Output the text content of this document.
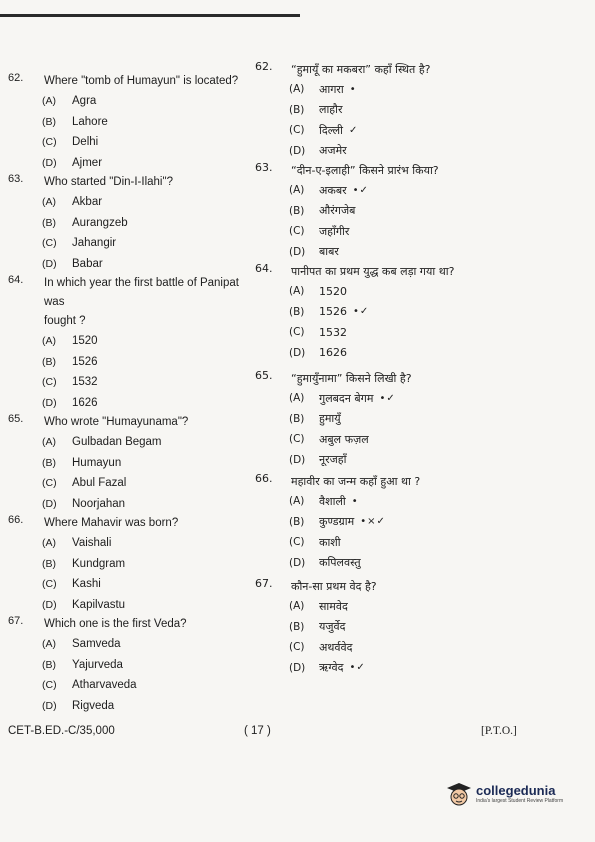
62.	Where "tomb of Humayun" is located?
(A)	Agra
(B)	Lahore
(C)	Delhi
(D)	Ajmer
63.	Who started "Din-I-Ilahi"?
(A)	Akbar
(B)	Aurangzeb
(C)	Jahangir
(D)	Babar
64.	In which year the first battle of Panipat was
fought ?
(A)	1520
(B)	1526
(C)	1532
(D)	1626
65.	Who wrote "Humayunama"?
(A)	Gulbadan Begam
(B)	Humayun
(C)	Abul Fazal
(D)	Noorjahan
66.	Where Mahavir was born?
(A)	Vaishali
(B)	Kundgram
(C)	Kashi
(D)	Kapilvastu
67.	Which one is the first Veda?
(A)	Samveda
(B)	Yajurveda
(C)	Atharvaveda
(D)	Rigveda
62.	“हुमायूँ का मकबरा” कहाँ स्थित है?
(A)	आगरा •
(B)	लाहौर
(C)	दिल्ली ✓
(D)	अजमेर
63.	“दीन-ए-इलाही” किसने प्रारंभ किया?
(A)	अकबर •✓
(B)	औरंगजेब
(C)	जहाँगीर
(D)	बाबर
64.	पानीपत का प्रथम युद्ध कब लड़ा गया था?
(A)	1520
(B)	1526 •✓
(C)	1532
(D)	1626
65.	“हुमायुँनामा” किसने लिखी है?
(A)	गुलबदन बेगम •✓
(B)	हुमायुँ
(C)	अबुल फज़ल
(D)	नूरजहाँ
66.	महावीर का जन्म कहाँ हुआ था ?
(A)	वैशाली •
(B)	कुण्डग्राम •×✓
(C)	काशी
(D)	कपिलवस्तु
67.	कौन-सा प्रथम वेद है?
(A)	सामवेद
(B)	यजुर्वेद
(C)	अथर्ववेद
(D)	ऋग्वेद •✓
CET-B.ED.-C/35,000	( 17 )	[P.T.O.]
collegedunia
India's largest Student Review Platform
